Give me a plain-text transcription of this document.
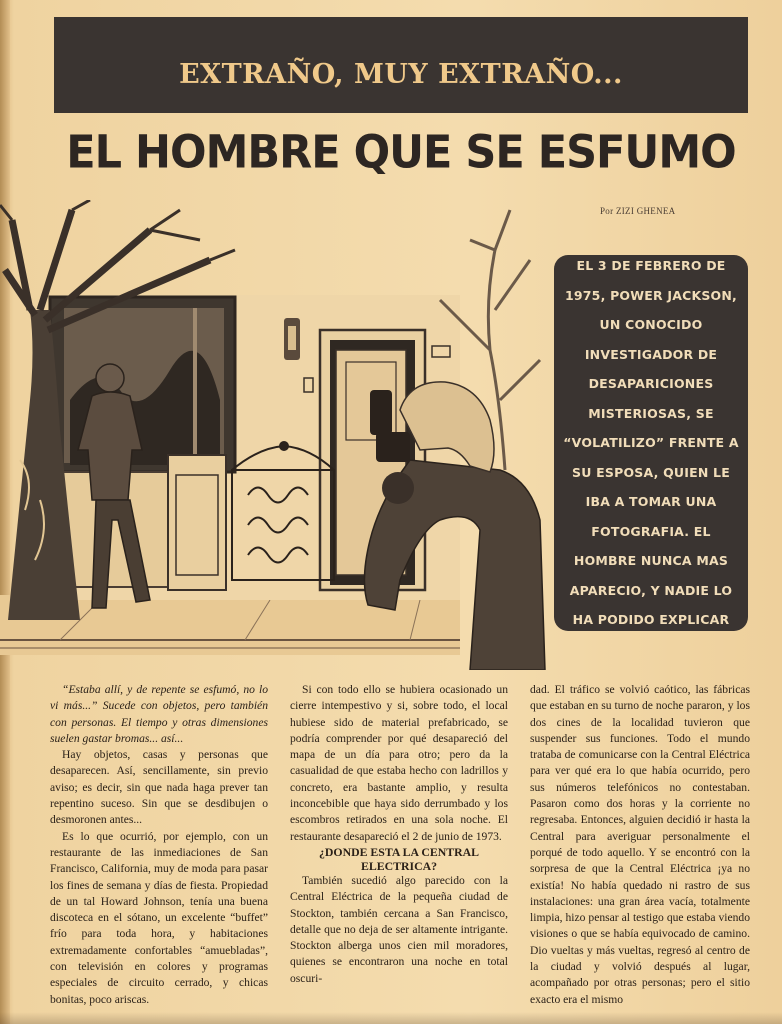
EXTRAÑO, MUY EXTRAÑO...
EL HOMBRE QUE SE ESFUMO
Por ZIZI GHENEA
EL 3 DE FEBRERO DE 1975, POWER JACKSON, UN CONOCIDO INVESTIGADOR DE DESAPARICIONES MISTERIOSAS, SE “VOLATILIZO” FRENTE A SU ESPOSA, QUIEN LE IBA A TOMAR UNA FOTOGRAFIA. EL HOMBRE NUNCA MAS APARECIO, Y NADIE LO HA PODIDO EXPLICAR

“Estaba allí, y de repente se esfumó, no lo vi más...” Sucede con objetos, pero también con personas. El tiempo y otras dimensiones suelen gastar bromas... así...

Hay objetos, casas y personas que desaparecen. Así, sencillamente, sin previo aviso; es decir, sin que nada haga prever tan repentino suceso. Sin que se desdibujen o desmoronen antes...

Es lo que ocurrió, por ejemplo, con un restaurante de las inmediaciones de San Francisco, California, muy de moda para pasar los fines de semana y días de fiesta. Propiedad de un tal Howard Johnson, tenía una buena discoteca en el sótano, un excelente “buffet” frío para toda hora, y habitaciones extremadamente confortables “amuebladas”, con televisión en colores y programas especiales de circuito cerrado, y chicas bonitas, poco ariscas.

Si con todo ello se hubiera ocasionado un cierre intempestivo y si, sobre todo, el local hubiese sido de material prefabricado, se podría comprender por qué desapareció del mapa de un día para otro; pero da la casualidad de que estaba hecho con ladrillos y concreto, era bastante amplio, y resulta inconcebible que haya sido derrumbado y los escombros retirados en una sola noche. El restaurante desapareció el 2 de junio de 1973.

¿DONDE ESTA LA CENTRAL ELECTRICA?

También sucedió algo parecido con la Central Eléctrica de la pequeña ciudad de Stockton, también cercana a San Francisco, detalle que no deja de ser altamente intrigante. Stockton alberga unos cien mil moradores, quienes se encontraron una noche en total oscuri-

dad. El tráfico se volvió caótico, las fábricas que estaban en su turno de noche pararon, y los dos cines de la localidad tuvieron que suspender sus funciones. Todo el mundo trataba de comunicarse con la Central Eléctrica para ver qué era lo que había ocurrido, pero sus números telefónicos no contestaban. Pasaron como dos horas y la corriente no regresaba. Entonces, alguien decidió ir hasta la Central para averiguar personalmente el porqué de todo aquello. Y se encontró con la sorpresa de que la Central Eléctrica ¡ya no existía! No había quedado ni rastro de sus instalaciones: una gran área vacía, totalmente limpia, hizo pensar al testigo que estaba viendo visiones o que se había equivocado de camino. Dio vueltas y más vueltas, regresó al centro de la ciudad y volvió después al lugar, acompañado por otras personas; pero el sitio exacto era el mismo
